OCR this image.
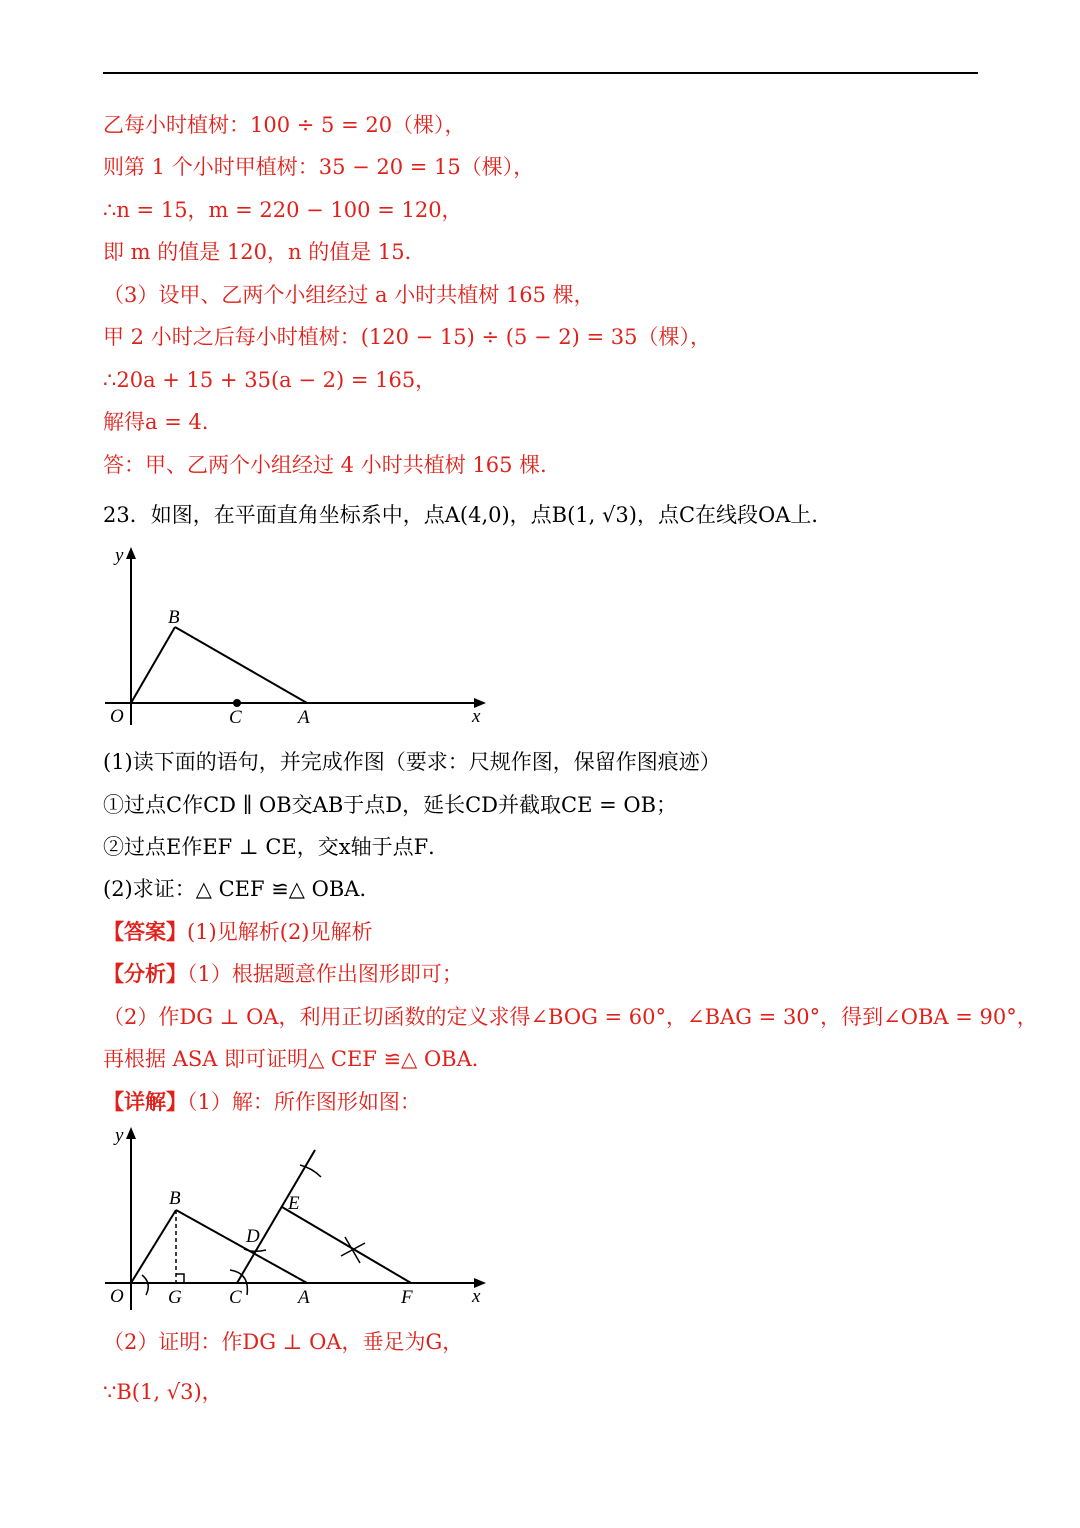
乙每小时植树：100 ÷ 5 = 20（棵），
则第 1 个小时甲植树：35 − 20 = 15（棵），
∴n = 15，m = 220 − 100 = 120，
即 m 的值是 120，n 的值是 15．
（3）设甲、乙两个小组经过 a 小时共植树 165 棵，
甲 2 小时之后每小时植树：(120 − 15) ÷ (5 − 2) = 35（棵），
∴20a + 15 + 35(a − 2) = 165，
解得a = 4．
答：甲、乙两个小组经过 4 小时共植树 165 棵．
23．如图，在平面直角坐标系中，点A(4,0)，点B(1, √3)，点C在线段OA上．
y
x
O
B
C	A
(1)读下面的语句，并完成作图（要求：尺规作图，保留作图痕迹）
①过点C作CD ∥ OB交AB于点D，延长CD并截取CE = OB；
②过点E作EF ⊥ CE，交x轴于点F．
(2)求证：△ CEF ≌△ OBA．
【答案】(1)见解析(2)见解析
【分析】（1）根据题意作出图形即可；
（2）作DG ⊥ OA，利用正切函数的定义求得∠BOG = 60°，∠BAG = 30°，得到∠OBA = 90°，
再根据 ASA 即可证明△ CEF ≌△ OBA．
【详解】（1）解：所作图形如图：
y
x
O
B
G C	A
D
E
F
（2）证明：作DG ⊥ OA，垂足为G，
∵B(1, √3)，
